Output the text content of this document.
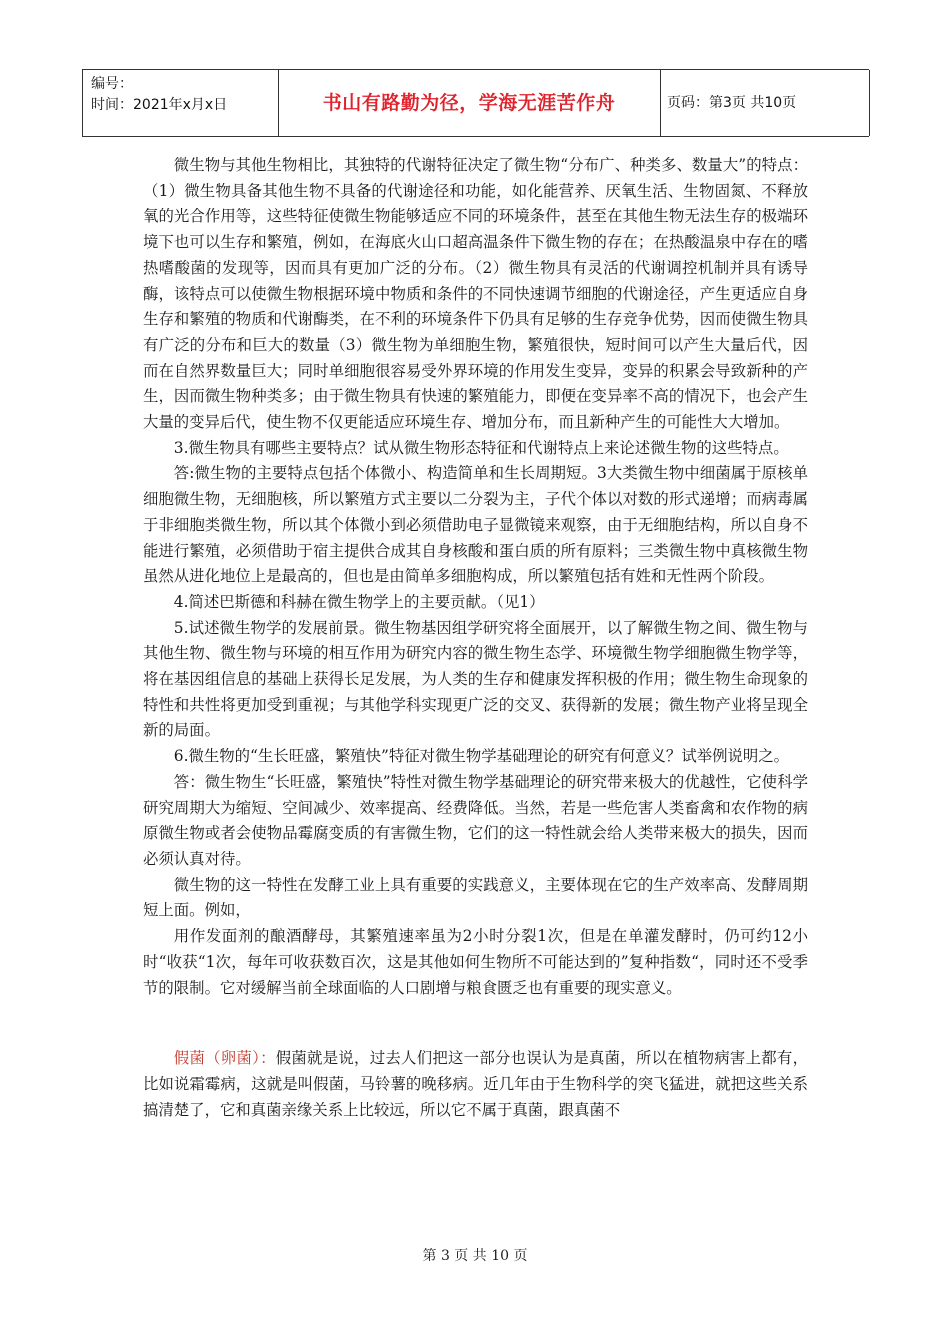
编号：
时间：2021年x月x日	书山有路勤为径，学海无涯苦作舟	页码：第3页 共10页

微生物与其他生物相比，其独特的代谢特征决定了微生物“分布广、种类多、数量大”的特点：（1）微生物具备其他生物不具备的代谢途径和功能，如化能营养、厌氧生活、生物固氮、不释放氧的光合作用等，这些特征使微生物能够适应不同的环境条件，甚至在其他生物无法生存的极端环境下也可以生存和繁殖，例如，在海底火山口超高温条件下微生物的存在；在热酸温泉中存在的嗜热嗜酸菌的发现等，因而具有更加广泛的分布。（2）微生物具有灵活的代谢调控机制并具有诱导酶，该特点可以使微生物根据环境中物质和条件的不同快速调节细胞的代谢途径，产生更适应自身生存和繁殖的物质和代谢酶类，在不利的环境条件下仍具有足够的生存竞争优势，因而使微生物具有广泛的分布和巨大的数量（3）微生物为单细胞生物，繁殖很快，短时间可以产生大量后代，因而在自然界数量巨大；同时单细胞很容易受外界环境的作用发生变异，变异的积累会导致新种的产生，因而微生物种类多；由于微生物具有快速的繁殖能力，即便在变异率不高的情况下，也会产生大量的变异后代，使生物不仅更能适应环境生存、增加分布，而且新种产生的可能性大大增加。

3.微生物具有哪些主要特点？试从微生物形态特征和代谢特点上来论述微生物的这些特点。

答:微生物的主要特点包括个体微小、构造简单和生长周期短。3大类微生物中细菌属于原核单细胞微生物，无细胞核，所以繁殖方式主要以二分裂为主，子代个体以对数的形式递增；而病毒属于非细胞类微生物，所以其个体微小到必须借助电子显微镜来观察，由于无细胞结构，所以自身不能进行繁殖，必须借助于宿主提供合成其自身核酸和蛋白质的所有原料；三类微生物中真核微生物虽然从进化地位上是最高的，但也是由简单多细胞构成，所以繁殖包括有姓和无性两个阶段。

4.简述巴斯德和科赫在微生物学上的主要贡献。（见1）

5.试述微生物学的发展前景。微生物基因组学研究将全面展开，以了解微生物之间、微生物与其他生物、微生物与环境的相互作用为研究内容的微生物生态学、环境微生物学细胞微生物学等，将在基因组信息的基础上获得长足发展，为人类的生存和健康发挥积极的作用；微生物生命现象的特性和共性将更加受到重视；与其他学科实现更广泛的交叉、获得新的发展；微生物产业将呈现全新的局面。

6.微生物的“生长旺盛，繁殖快”特征对微生物学基础理论的研究有何意义？试举例说明之。

答：微生物生“长旺盛，繁殖快”特性对微生物学基础理论的研究带来极大的优越性，它使科学研究周期大为缩短、空间减少、效率提高、经费降低。当然，若是一些危害人类畜禽和农作物的病原微生物或者会使物品霉腐变质的有害微生物，它们的这一特性就会给人类带来极大的损失，因而必须认真对待。

微生物的这一特性在发酵工业上具有重要的实践意义，主要体现在它的生产效率高、发酵周期短上面。例如，

用作发面剂的酿酒酵母，其繁殖速率虽为2小时分裂1次，但是在单灌发酵时，仍可约12小时“收获“1次，每年可收获数百次，这是其他如何生物所不可能达到的”复种指数“，同时还不受季节的限制。它对缓解当前全球面临的人口剧增与粮食匮乏也有重要的现实意义。

假菌（卵菌）：假菌就是说，过去人们把这一部分也误认为是真菌，所以在植物病害上都有，比如说霜霉病，这就是叫假菌，马铃薯的晚移病。近几年由于生物科学的突飞猛进，就把这些关系搞清楚了，它和真菌亲缘关系上比较远，所以它不属于真菌，跟真菌不

第 3 页 共 10 页
